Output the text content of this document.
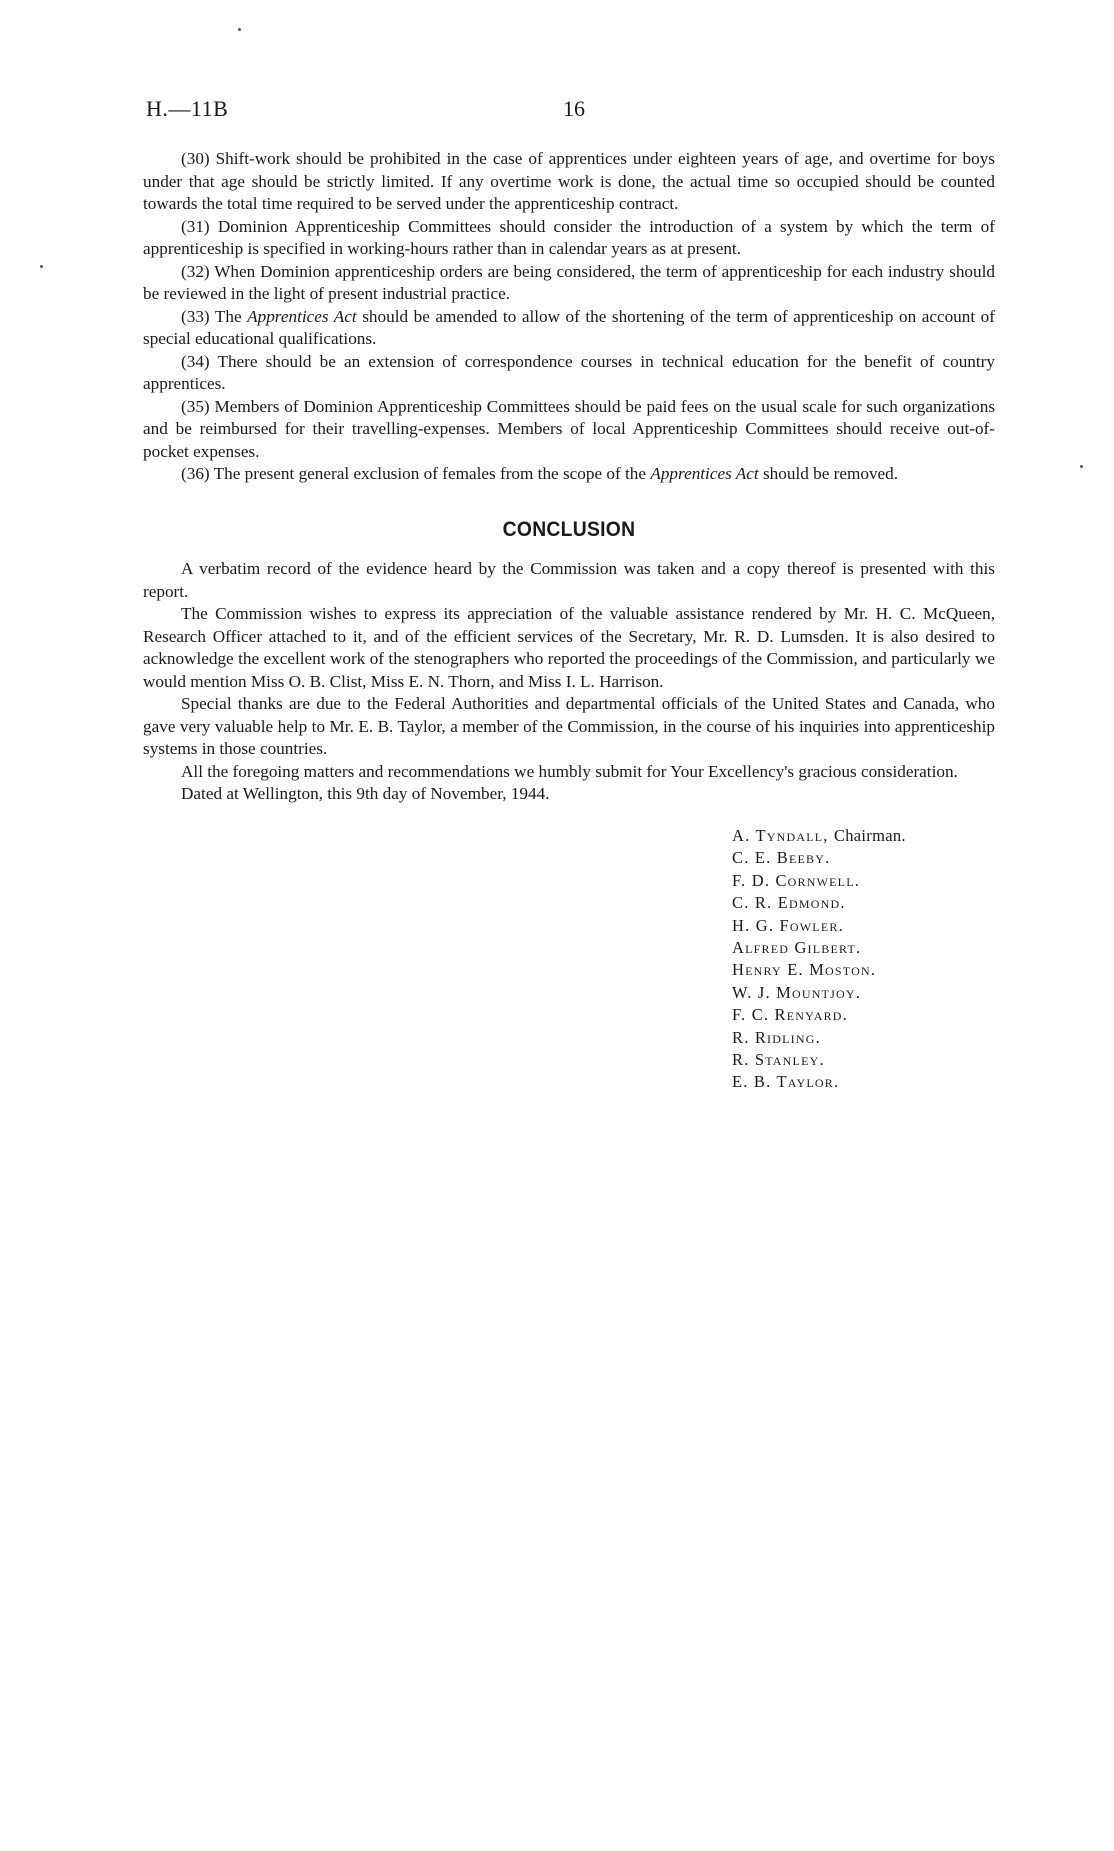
H.—11B	16

(30) Shift-work should be prohibited in the case of apprentices under eighteen years of age, and overtime for boys under that age should be strictly limited. If any overtime work is done, the actual time so occupied should be counted towards the total time required to be served under the apprenticeship contract.

(31) Dominion Apprenticeship Committees should consider the introduction of a system by which the term of apprenticeship is specified in working-hours rather than in calendar years as at present.

(32) When Dominion apprenticeship orders are being considered, the term of apprenticeship for each industry should be reviewed in the light of present industrial practice.

(33) The Apprentices Act should be amended to allow of the shortening of the term of apprenticeship on account of special educational qualifications.

(34) There should be an extension of correspondence courses in technical education for the benefit of country apprentices.

(35) Members of Dominion Apprenticeship Committees should be paid fees on the usual scale for such organizations and be reimbursed for their travelling-expenses. Members of local Apprenticeship Committees should receive out-of-pocket expenses.

(36) The present general exclusion of females from the scope of the Apprentices Act should be removed.

CONCLUSION

A verbatim record of the evidence heard by the Commission was taken and a copy thereof is presented with this report.

The Commission wishes to express its appreciation of the valuable assistance rendered by Mr. H. C. McQueen, Research Officer attached to it, and of the efficient services of the Secretary, Mr. R. D. Lumsden. It is also desired to acknowledge the excellent work of the stenographers who reported the proceedings of the Commission, and particularly we would mention Miss O. B. Clist, Miss E. N. Thorn, and Miss I. L. Harrison.

Special thanks are due to the Federal Authorities and departmental officials of the United States and Canada, who gave very valuable help to Mr. E. B. Taylor, a member of the Commission, in the course of his inquiries into apprenticeship systems in those countries.

All the foregoing matters and recommendations we humbly submit for Your Excellency's gracious consideration.

Dated at Wellington, this 9th day of November, 1944.

A. Tyndall, Chairman.
C. E. Beeby.
F. D. Cornwell.
C. R. Edmond.
H. G. Fowler.
Alfred Gilbert.
Henry E. Moston.
W. J. Mountjoy.
F. C. Renyard.
R. Ridling.
R. Stanley.
E. B. Taylor.
